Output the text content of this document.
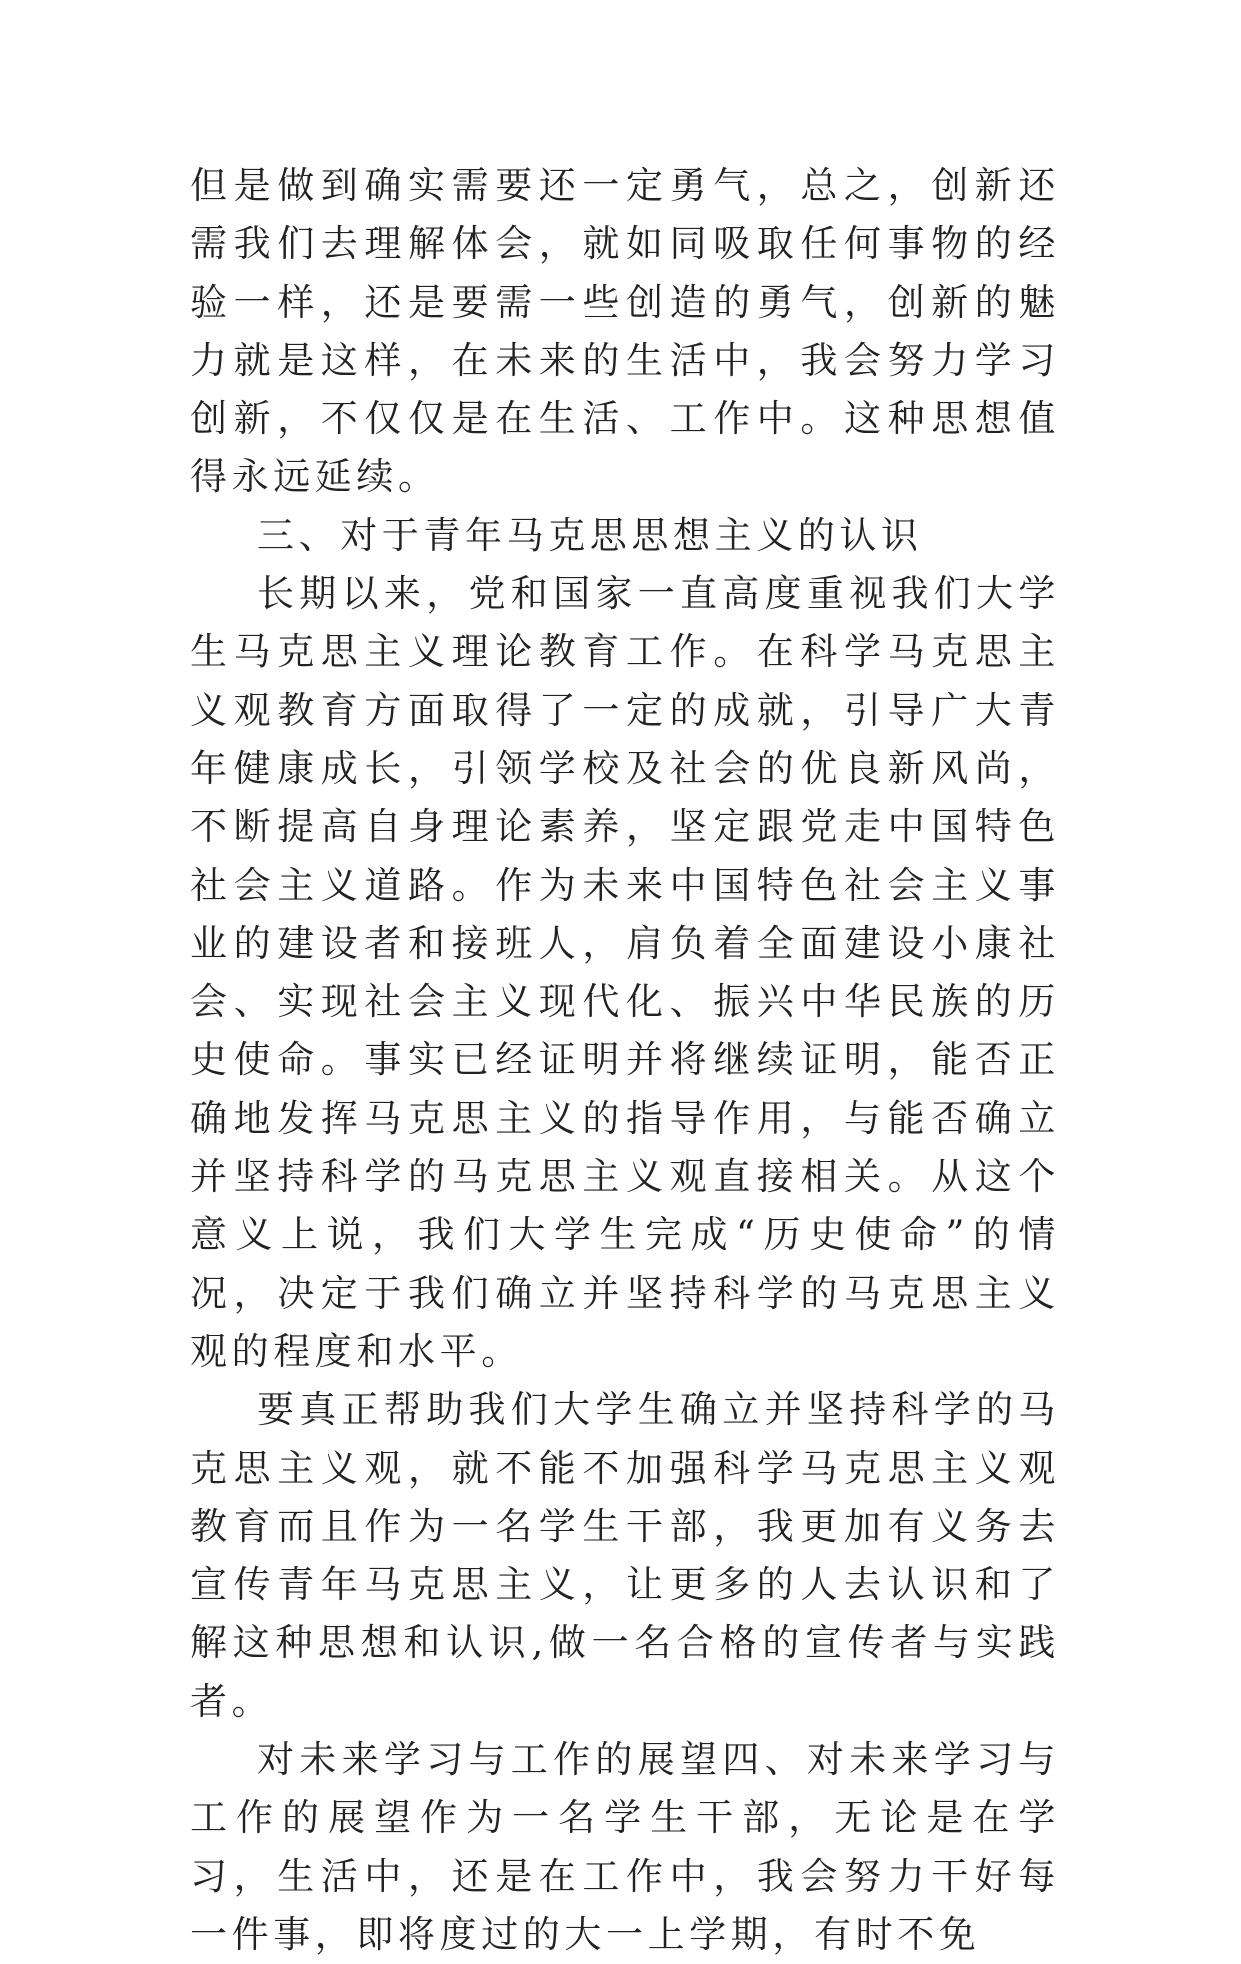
但是做到确实需要还一定勇气，总之，创新还需我们去理解体会，就如同吸取任何事物的经验一样，还是要需一些创造的勇气，创新的魅力就是这样，在未来的生活中，我会努力学习创新，不仅仅是在生活、工作中。这种思想值得永远延续。

三、对于青年马克思思想主义的认识

长期以来，党和国家一直高度重视我们大学生马克思主义理论教育工作。在科学马克思主义观教育方面取得了一定的成就，引导广大青年健康成长，引领学校及社会的优良新风尚，不断提高自身理论素养，坚定跟党走中国特色社会主义道路。作为未来中国特色社会主义事业的建设者和接班人，肩负着全面建设小康社会、实现社会主义现代化、振兴中华民族的历史使命。事实已经证明并将继续证明，能否正确地发挥马克思主义的指导作用，与能否确立并坚持科学的马克思主义观直接相关。从这个意义上说，我们大学生完成“历史使命”的情况，决定于我们确立并坚持科学的马克思主义观的程度和水平。

要真正帮助我们大学生确立并坚持科学的马克思主义观，就不能不加强科学马克思主义观教育而且作为一名学生干部，我更加有义务去宣传青年马克思主义，让更多的人去认识和了解这种思想和认识,做一名合格的宣传者与实践者。

对未来学习与工作的展望四、对未来学习与工作的展望作为一名学生干部，无论是在学习，生活中，还是在工作中，我会努力干好每一件事，即将度过的大一上学期，有时不免
